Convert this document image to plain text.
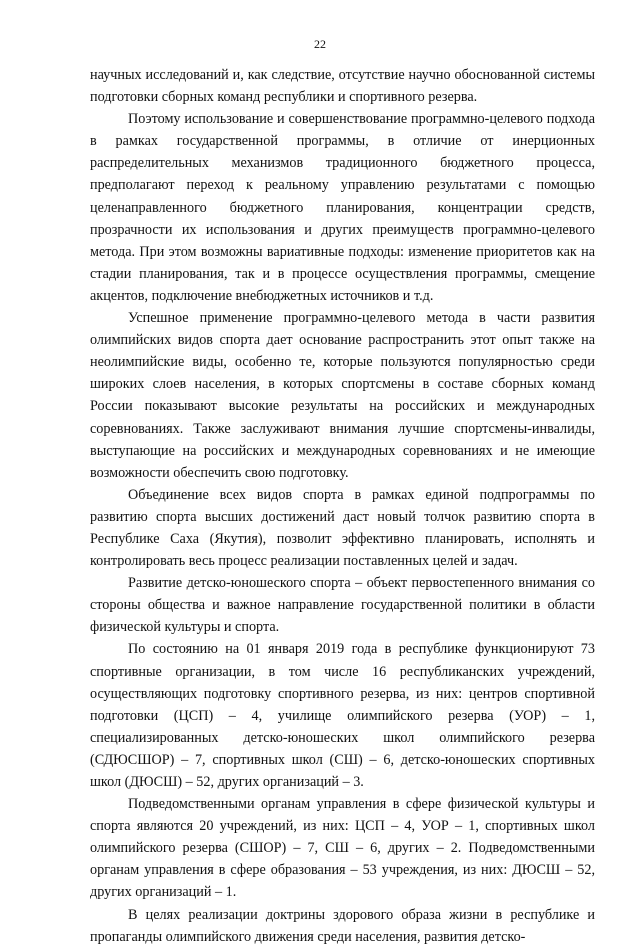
22

научных исследований и, как следствие, отсутствие научно обоснованной системы подготовки сборных команд республики и спортивного резерва.

Поэтому использование и совершенствование программно-целевого подхода в рамках государственной программы, в отличие от инерционных распределительных механизмов традиционного бюджетного процесса, предполагают переход к реальному управлению результатами с помощью целенаправленного бюджетного планирования, концентрации средств, прозрачности их использования и других преимуществ программно-целевого метода. При этом возможны вариативные подходы: изменение приоритетов как на стадии планирования, так и в процессе осуществления программы, смещение акцентов, подключение внебюджетных источников и т.д.

Успешное применение программно-целевого метода в части развития олимпийских видов спорта дает основание распространить этот опыт также на неолимпийские виды, особенно те, которые пользуются популярностью среди широких слоев населения, в которых спортсмены в составе сборных команд России показывают высокие результаты на российских и международных соревнованиях. Также заслуживают внимания лучшие спортсмены-инвалиды, выступающие на российских и международных соревнованиях и не имеющие возможности обеспечить свою подготовку.

Объединение всех видов спорта в рамках единой подпрограммы по развитию спорта высших достижений даст новый толчок развитию спорта в Республике Саха (Якутия), позволит эффективно планировать, исполнять и контролировать весь процесс реализации поставленных целей и задач.

Развитие детско-юношеского спорта – объект первостепенного внимания со стороны общества и важное направление государственной политики в области физической культуры и спорта.

По состоянию на 01 января 2019 года в республике функционируют 73 спортивные организации, в том числе 16 республиканских учреждений, осуществляющих подготовку спортивного резерва, из них: центров спортивной подготовки (ЦСП) – 4, училище олимпийского резерва (УОР) – 1, специализированных детско-юношеских школ олимпийского резерва (СДЮСШОР) – 7, спортивных школ (СШ) – 6, детско-юношеских спортивных школ (ДЮСШ) – 52, других организаций – 3.

Подведомственными органам управления в сфере физической культуры и спорта являются 20 учреждений, из них: ЦСП – 4, УОР – 1, спортивных школ олимпийского резерва (СШОР) – 7, СШ – 6, других – 2. Подведомственными органам управления в сфере образования – 53 учреждения, из них: ДЮСШ – 52, других организаций – 1.

В целях реализации доктрины здорового образа жизни в республике и пропаганды олимпийского движения среди населения, развития детско-
